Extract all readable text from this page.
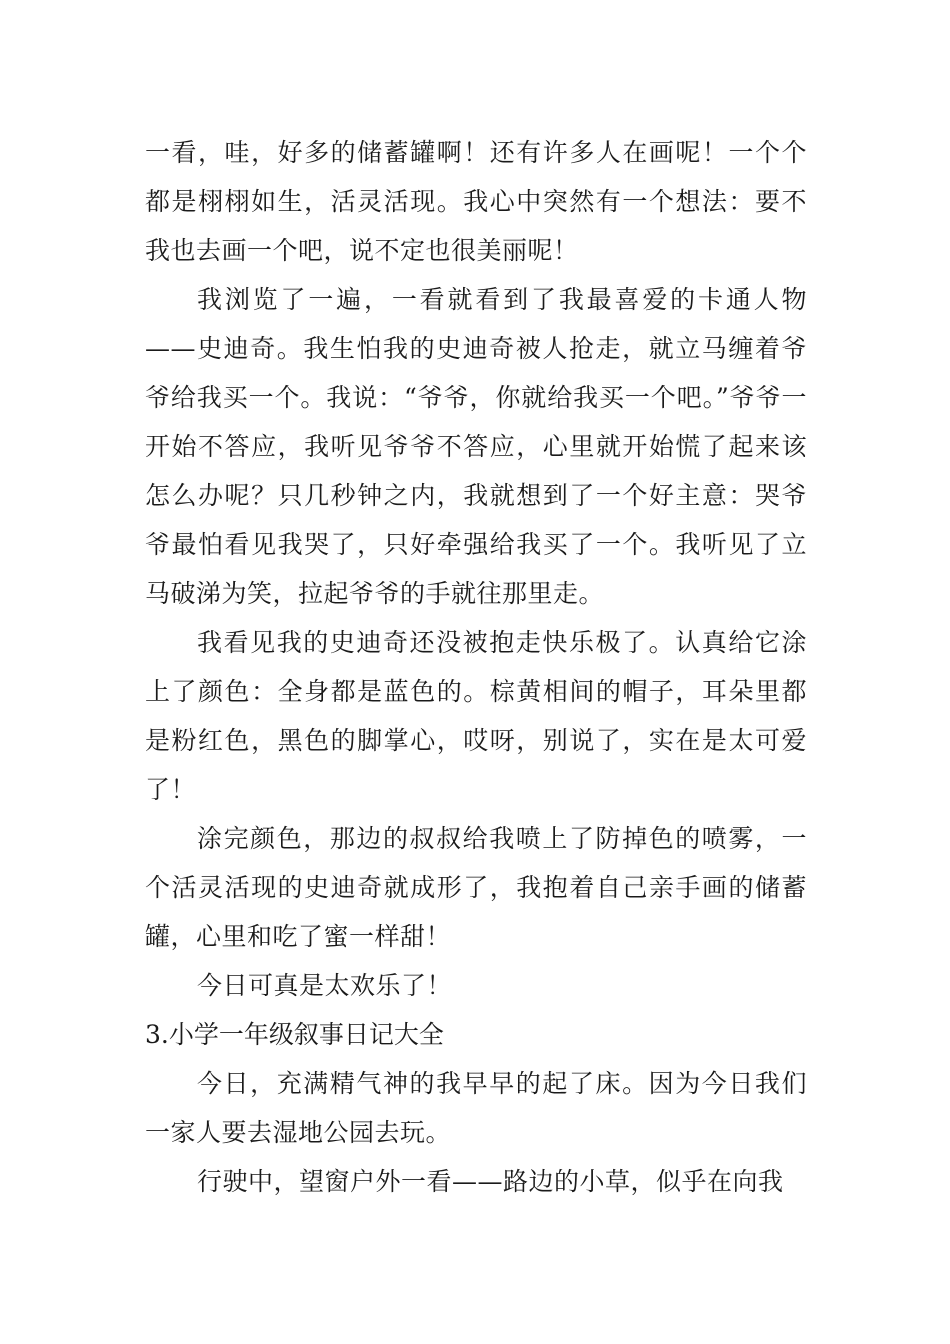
一看，哇，好多的储蓄罐啊！还有许多人在画呢！一个个都是栩栩如生，活灵活现。我心中突然有一个想法：要不我也去画一个吧，说不定也很美丽呢！

我浏览了一遍，一看就看到了我最喜爱的卡通人物——史迪奇。我生怕我的史迪奇被人抢走，就立马缠着爷爷给我买一个。我说：“爷爷，你就给我买一个吧。”爷爷一开始不答应，我听见爷爷不答应，心里就开始慌了起来该怎么办呢？只几秒钟之内，我就想到了一个好主意：哭爷爷最怕看见我哭了，只好牵强给我买了一个。我听见了立马破涕为笑，拉起爷爷的手就往那里走。

我看见我的史迪奇还没被抱走快乐极了。认真给它涂上了颜色：全身都是蓝色的。棕黄相间的帽子，耳朵里都是粉红色，黑色的脚掌心，哎呀，别说了，实在是太可爱了！

涂完颜色，那边的叔叔给我喷上了防掉色的喷雾，一个活灵活现的史迪奇就成形了，我抱着自己亲手画的储蓄罐，心里和吃了蜜一样甜！

今日可真是太欢乐了！

3.小学一年级叙事日记大全

今日，充满精气神的我早早的起了床。因为今日我们一家人要去湿地公园去玩。

行驶中，望窗户外一看——路边的小草，似乎在向我
